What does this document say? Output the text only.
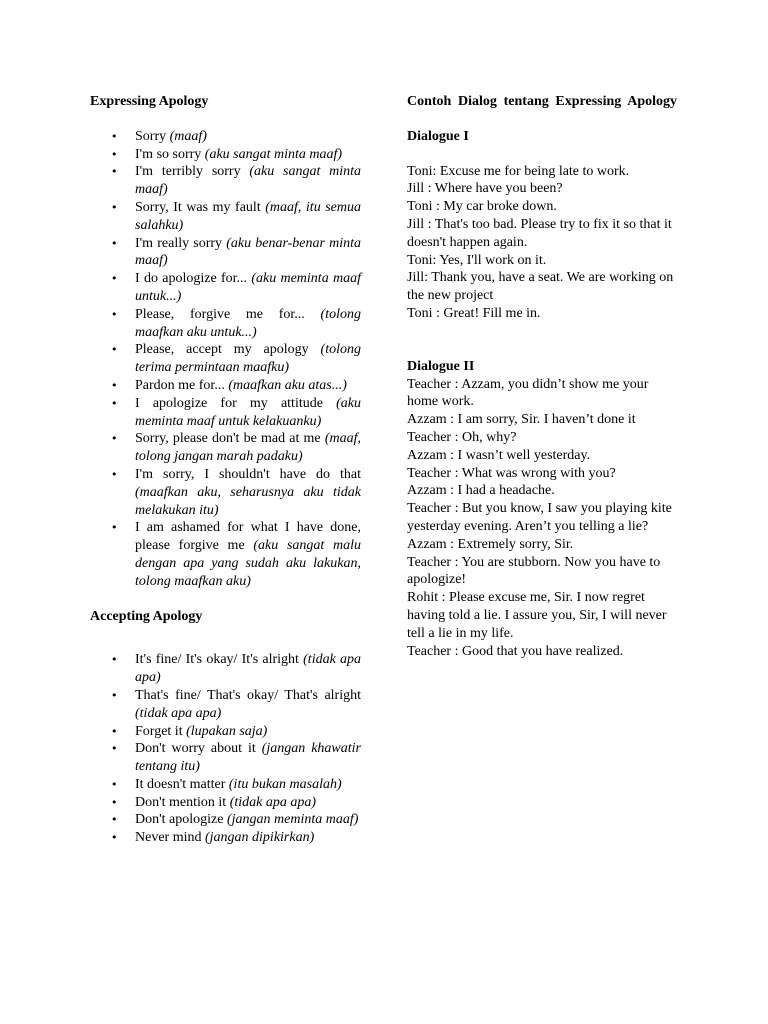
Expressing Apology
• Sorry (maaf)
• I'm so sorry (aku sangat minta maaf)
• I'm terribly sorry (aku sangat minta maaf)
• Sorry, It was my fault (maaf, itu semua salahku)
• I'm really sorry (aku benar-benar minta maaf)
• I do apologize for... (aku meminta maaf untuk...)
• Please, forgive me for... (tolong maafkan aku untuk...)
• Please, accept my apology (tolong terima permintaan maafku)
• Pardon me for... (maafkan aku atas...)
• I apologize for my attitude (aku meminta maaf untuk kelakuanku)
• Sorry, please don't be mad at me (maaf, tolong jangan marah padaku)
• I'm sorry, I shouldn't have do that (maafkan aku, seharusnya aku tidak melakukan itu)
• I am ashamed for what I have done, please forgive me (aku sangat malu dengan apa yang sudah aku lakukan, tolong maafkan aku)
Accepting Apology
• It's fine/ It's okay/ It's alright (tidak apa apa)
• That's fine/ That's okay/ That's alright (tidak apa apa)
• Forget it (lupakan saja)
• Don't worry about it (jangan khawatir tentang itu)
• It doesn't matter (itu bukan masalah)
• Don't mention it (tidak apa apa)
• Don't apologize (jangan meminta maaf)
• Never mind (jangan dipikirkan)
Contoh Dialog tentang Expressing Apology
Dialogue I
Toni: Excuse me for being late to work.
Jill : Where have you been?
Toni : My car broke down.
Jill : That's too bad. Please try to fix it so that it doesn't happen again.
Toni: Yes, I'll work on it.
Jill: Thank you, have a seat. We are working on the new project
Toni : Great! Fill me in.
Dialogue II
Teacher : Azzam, you didn’t show me your home work.
Azzam : I am sorry, Sir. I haven’t done it
Teacher : Oh, why?
Azzam : I wasn’t well yesterday.
Teacher : What was wrong with you?
Azzam : I had a headache.
Teacher : But you know, I saw you playing kite yesterday evening. Aren’t you telling a lie?
Azzam : Extremely sorry, Sir.
Teacher : You are stubborn. Now you have to apologize!
Rohit : Please excuse me, Sir. I now regret having told a lie. I assure you, Sir, I will never tell a lie in my life.
Teacher : Good that you have realized.
